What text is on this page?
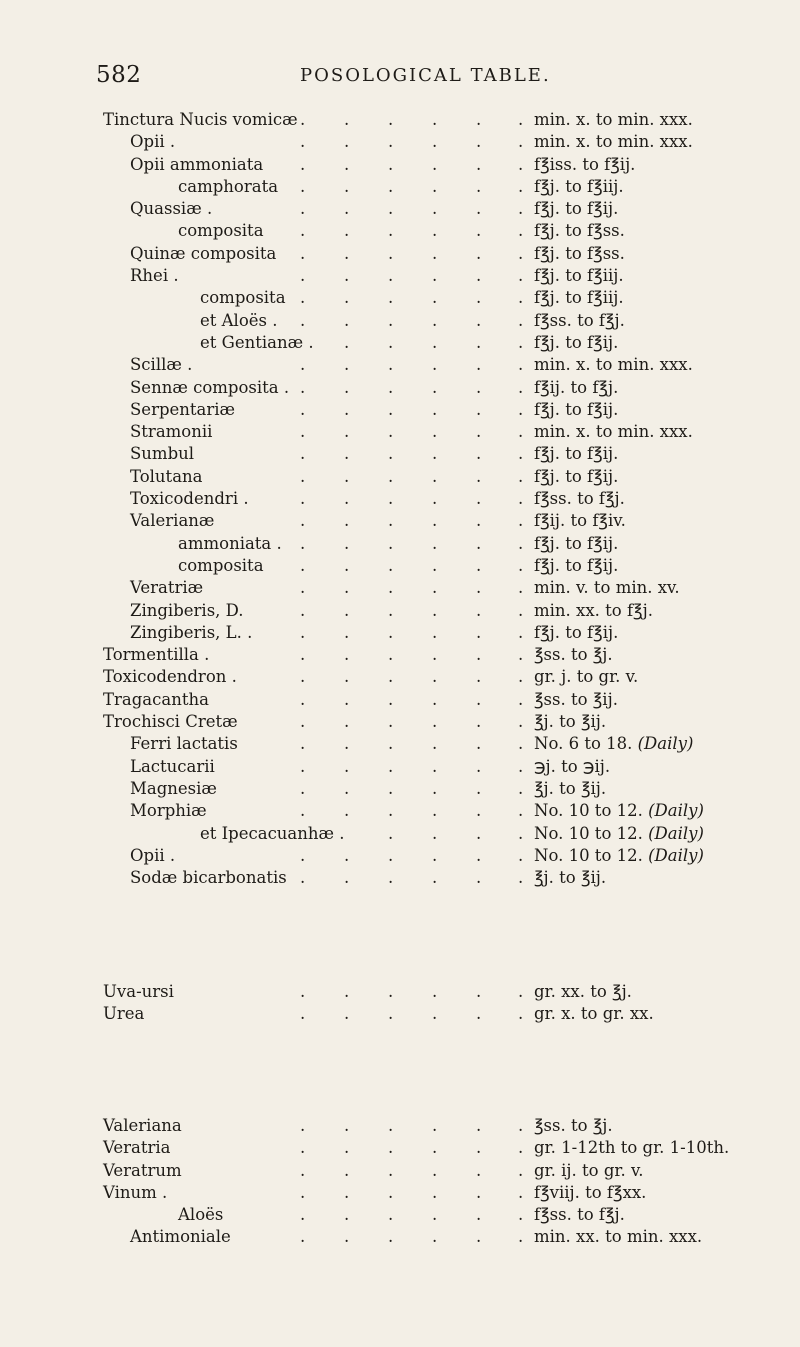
582	POSOLOGICAL TABLE.
Tinctura Nucis vomicæ . . . . . . min. x. to min. xxx.
Opii .	. . . . . . min. x. to min. xxx.
Opii ammoniata . . . . . . f℥iss. to f℥ij.
camphorata . . . . . . f℥j. to f℥iij.
Quassiæ .	. . . . . . f℥j. to f℥ij.
composita . . . . . . f℥j. to f℥ss.
Quinæ composita . . . . . . f℥j. to f℥ss.
Rhei .	. . . . . . f℥j. to f℥iij.
composita . . . . . . f℥j. to f℥iij.
et Aloës . . . . . . . f℥ss. to f℥j.
et Gentianæ . . . . . . f℥j. to f℥ij.
Scillæ .	. . . . . . min. x. to min. xxx.
Sennæ composita . . . . . . . f℥ij. to f℥j.
Serpentariæ	. . . . . . f℥j. to f℥ij.
Stramonii	. . . . . . min. x. to min. xxx.
Sumbul	. . . . . . f℥j. to f℥ij.
Tolutana	. . . . . . f℥j. to f℥ij.
Toxicodendri .	. . . . . . f℥ss. to f℥j.
Valerianæ	. . . . . . f℥ij. to f℥iv.
ammoniata . . . . . . . f℥j. to f℥ij.
composita . . . . . . f℥j. to f℥ij.
Veratriæ	. . . . . . min. v. to min. xv.
Zingiberis, D.	. . . . . . min. xx. to f℥j.
Zingiberis, L. .	. . . . . . f℥j. to f℥ij.
Tormentilla .	. . . . . . ℥ss. to ℥j.
Toxicodendron .	. . . . . . gr. j. to gr. v.
Tragacantha	. . . . . . ℥ss. to ℥ij.
Trochisci Cretæ	. . . . . . ℥j. to ℥ij.
Ferri lactatis	. . . . . . No. 6 to 18. (Daily)
Lactucarii	. . . . . . ℈j. to ℈ij.
Magnesiæ	. . . . . . ℥j. to ℥ij.
Morphiæ	. . . . . . No. 10 to 12. (Daily)
et Ipecacuanhæ .	. . . . No. 10 to 12. (Daily)
Opii .	. . . . . . No. 10 to 12. (Daily)
Sodæ bicarbonatis . . . . . . ℥j. to ℥ij.
Uva-ursi	. . . . . . gr. xx. to ℥j.
Urea	. . . . . . gr. x. to gr. xx.
Valeriana	. . . . . . ℥ss. to ℥j.
Veratria	. . . . . . gr. 1-12th to gr. 1-10th.
Veratrum	. . . . . . gr. ij. to gr. v.
Vinum .	. . . . . . f℥viij. to f℥xx.
Aloës	. . . . . . f℥ss. to f℥j.
Antimoniale	. . . . . . min. xx. to min. xxx.
